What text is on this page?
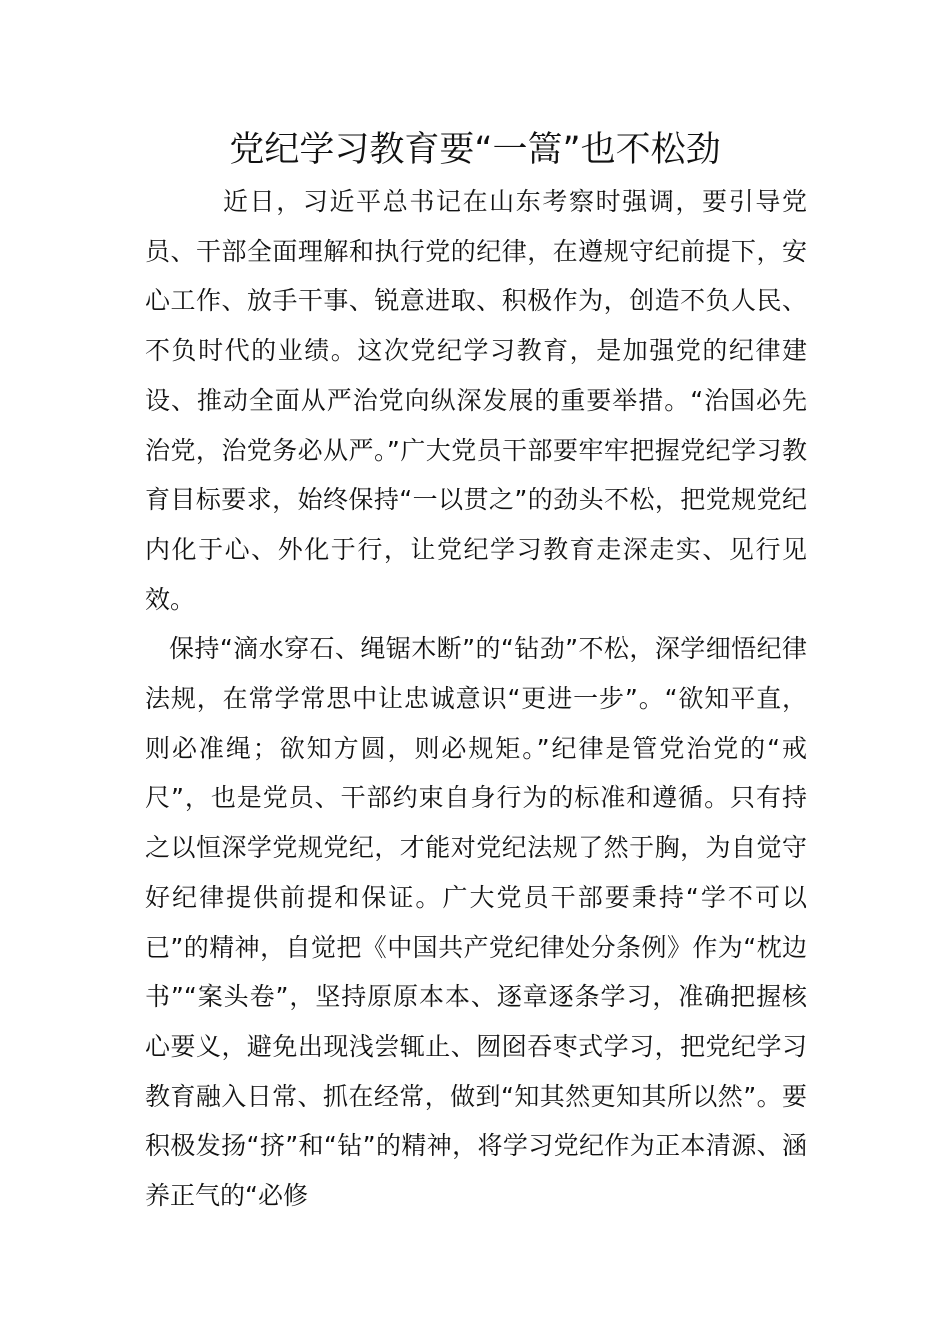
党纪学习教育要“一篙”也不松劲

近日，习近平总书记在山东考察时强调，要引导党员、干部全面理解和执行党的纪律，在遵规守纪前提下，安心工作、放手干事、锐意进取、积极作为，创造不负人民、不负时代的业绩。这次党纪学习教育，是加强党的纪律建设、推动全面从严治党向纵深发展的重要举措。“治国必先治党，治党务必从严。”广大党员干部要牢牢把握党纪学习教育目标要求，始终保持“一以贯之”的劲头不松，把党规党纪内化于心、外化于行，让党纪学习教育走深走实、见行见效。

保持“滴水穿石、绳锯木断”的“钻劲”不松，深学细悟纪律法规，在常学常思中让忠诚意识“更进一步”。“欲知平直，则必准绳；欲知方圆，则必规矩。”纪律是管党治党的“戒尺”，也是党员、干部约束自身行为的标准和遵循。只有持之以恒深学党规党纪，才能对党纪法规了然于胸，为自觉守好纪律提供前提和保证。广大党员干部要秉持“学不可以已”的精神，自觉把《中国共产党纪律处分条例》作为“枕边书”“案头卷”，坚持原原本本、逐章逐条学习，准确把握核心要义，避免出现浅尝辄止、囫囵吞枣式学习，把党纪学习教育融入日常、抓在经常，做到“知其然更知其所以然”。要积极发扬“挤”和“钻”的精神，将学习党纪作为正本清源、涵养正气的“必修
